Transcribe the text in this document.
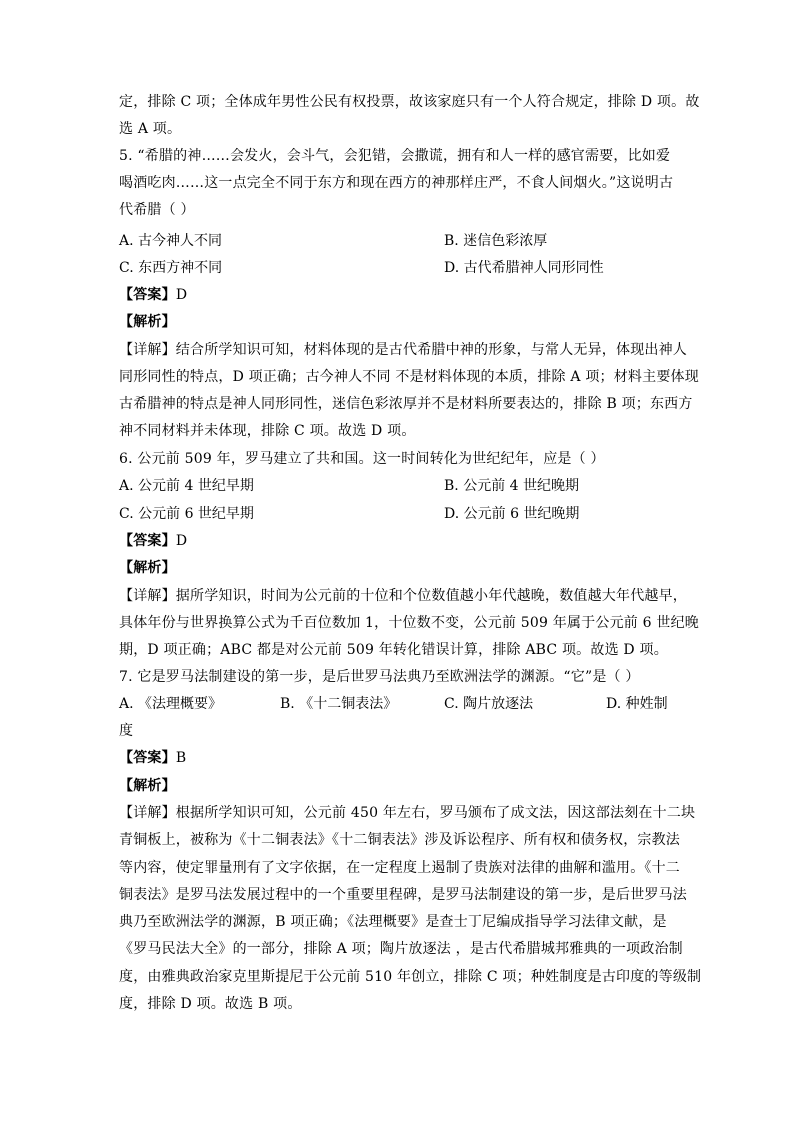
定，排除 C 项；全体成年男性公民有权投票，故该家庭只有一个人符合规定，排除 D 项。故
选 A 项。
5. “希腊的神……会发火，会斗气，会犯错，会撒谎，拥有和人一样的感官需要，比如爱
喝酒吃肉……这一点完全不同于东方和现在西方的神那样庄严，不食人间烟火。”这说明古
代希腊（ ）
A. 古今神人不同	B. 迷信色彩浓厚
C. 东西方神不同	D. 古代希腊神人同形同性
【答案】D
【解析】
【详解】结合所学知识可知，材料体现的是古代希腊中神的形象，与常人无异，体现出神人
同形同性的特点，D 项正确；古今神人不同 不是材料体现的本质，排除 A 项；材料主要体现
古希腊神的特点是神人同形同性，迷信色彩浓厚并不是材料所要表达的，排除 B 项；东西方
神不同材料并未体现，排除 C 项。故选 D 项。
6. 公元前 509 年，罗马建立了共和国。这一时间转化为世纪纪年，应是（ ）
A. 公元前 4 世纪早期	B. 公元前 4 世纪晚期
C. 公元前 6 世纪早期	D. 公元前 6 世纪晚期
【答案】D
【解析】
【详解】据所学知识，时间为公元前的十位和个位数值越小年代越晚，数值越大年代越早，
具体年份与世界换算公式为千百位数加 1，十位数不变，公元前 509 年属于公元前 6 世纪晚
期，D 项正确；ABC 都是对公元前 509 年转化错误计算，排除 ABC 项。故选 D 项。
7. 它是罗马法制建设的第一步，是后世罗马法典乃至欧洲法学的渊源。“它”是（ ）
A. 《法理概要》	B. 《十二铜表法》	C. 陶片放逐法	D. 种姓制
度
【答案】B
【解析】
【详解】根据所学知识可知，公元前 450 年左右，罗马颁布了成文法，因这部法刻在十二块
青铜板上，被称为《十二铜表法》《十二铜表法》涉及诉讼程序、所有权和债务权，宗教法
等内容，使定罪量刑有了文字依据，在一定程度上遏制了贵族对法律的曲解和滥用。《十二
铜表法》是罗马法发展过程中的一个重要里程碑，是罗马法制建设的第一步，是后世罗马法
典乃至欧洲法学的渊源，B 项正确；《法理概要》是查士丁尼编成指导学习法律文献，是
《罗马民法大全》的一部分，排除 A 项；陶片放逐法 ，是古代希腊城邦雅典的一项政治制
度，由雅典政治家克里斯提尼于公元前 510 年创立，排除 C 项；种姓制度是古印度的等级制
度，排除 D 项。故选 B 项。
